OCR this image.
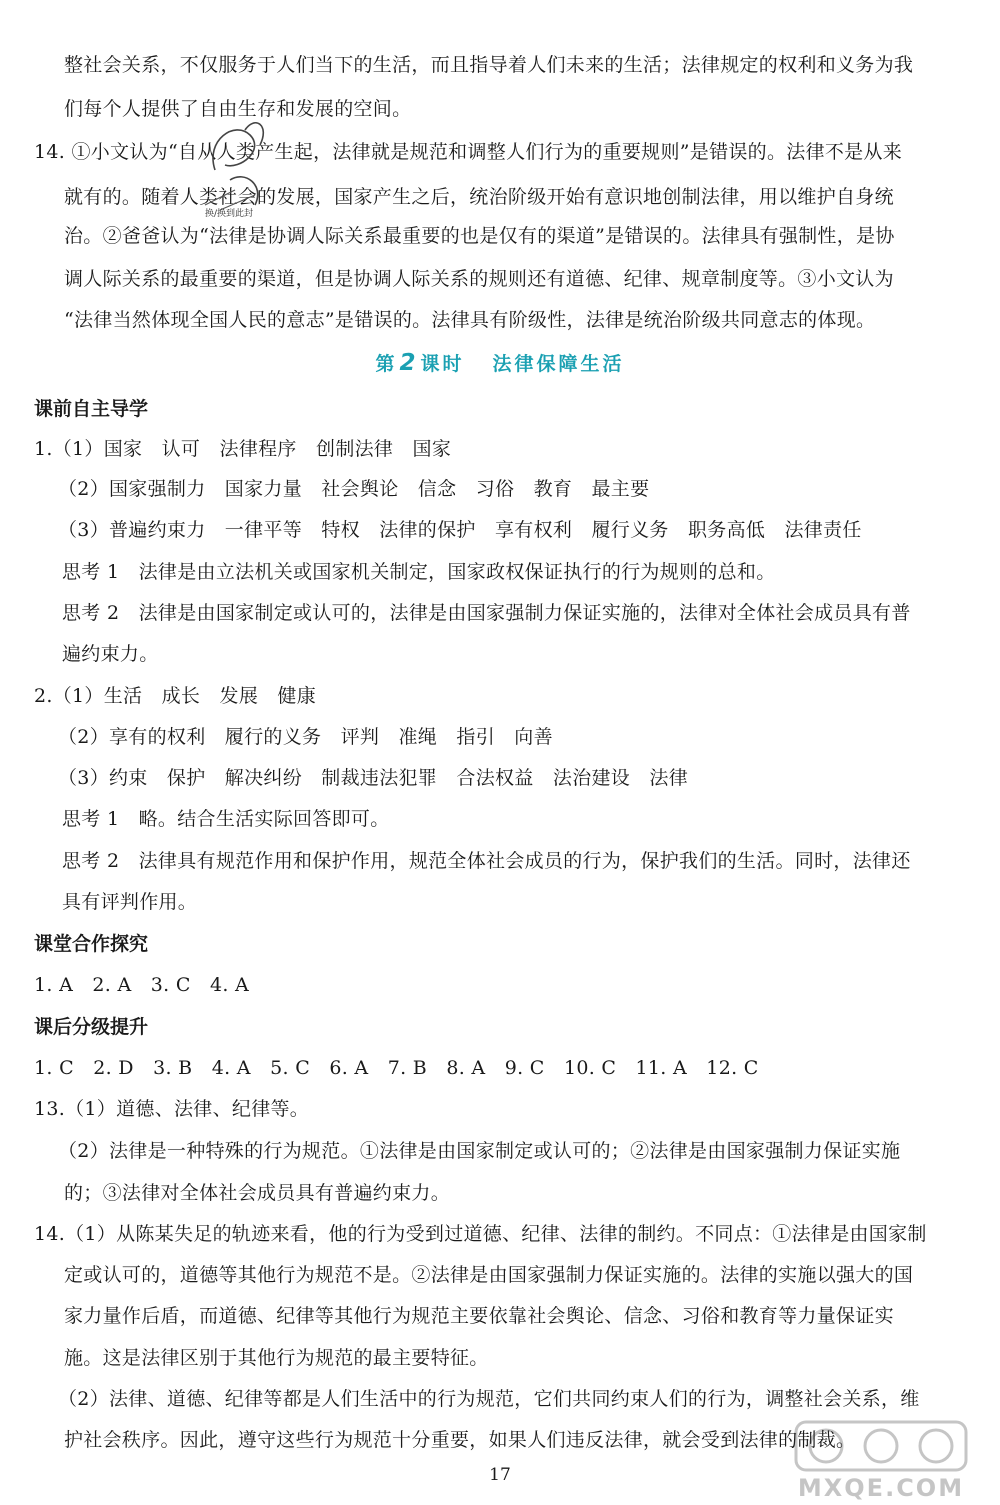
整社会关系，不仅服务于人们当下的生活，而且指导着人们未来的生活；法律规定的权利和义务为我
们每个人提供了自由生存和发展的空间。
14. ①小文认为“自从人类产生起，法律就是规范和调整人们行为的重要规则”是错误的。法律不是从来
就有的。随着人类社会的发展，国家产生之后，统治阶级开始有意识地创制法律，用以维护自身统
治。②爸爸认为“法律是协调人际关系最重要的也是仅有的渠道”是错误的。法律具有强制性，是协
调人际关系的最重要的渠道，但是协调人际关系的规则还有道德、纪律、规章制度等。③小文认为
“法律当然体现全国人民的意志”是错误的。法律具有阶级性，法律是统治阶级共同意志的体现。
换/换到此封
第2 课时 法律保障生活
课前自主导学
1.（1）国家　认可　法律程序　创制法律　国家
（2）国家强制力　国家力量　社会舆论　信念　习俗　教育　最主要
（3）普遍约束力　一律平等　特权　法律的保护　享有权利　履行义务　职务高低　法律责任
思考 1　法律是由立法机关或国家机关制定，国家政权保证执行的行为规则的总和。
思考 2　法律是由国家制定或认可的，法律是由国家强制力保证实施的，法律对全体社会成员具有普
遍约束力。
2.（1）生活　成长　发展　健康
（2）享有的权利　履行的义务　评判　准绳　指引　向善
（3）约束　保护　解决纠纷　制裁违法犯罪　合法权益　法治建设　法律
思考 1　略。结合生活实际回答即可。
思考 2　法律具有规范作用和保护作用，规范全体社会成员的行为，保护我们的生活。同时，法律还
具有评判作用。
课堂合作探究
1. A　2. A　3. C　4. A
课后分级提升
1. C　2. D　3. B　4. A　5. C　6. A　7. B　8. A　9. C　10. C　11. A　12. C
13.（1）道德、法律、纪律等。
（2）法律是一种特殊的行为规范。①法律是由国家制定或认可的；②法律是由国家强制力保证实施
的；③法律对全体社会成员具有普遍约束力。
14.（1）从陈某失足的轨迹来看，他的行为受到过道德、纪律、法律的制约。不同点：①法律是由国家制
定或认可的，道德等其他行为规范不是。②法律是由国家强制力保证实施的。法律的实施以强大的国
家力量作后盾，而道德、纪律等其他行为规范主要依靠社会舆论、信念、习俗和教育等力量保证实
施。这是法律区别于其他行为规范的最主要特征。
（2）法律、道德、纪律等都是人们生活中的行为规范，它们共同约束人们的行为，调整社会关系，维
护社会秩序。因此，遵守这些行为规范十分重要，如果人们违反法律，就会受到法律的制裁。
MXQE.COM
17
